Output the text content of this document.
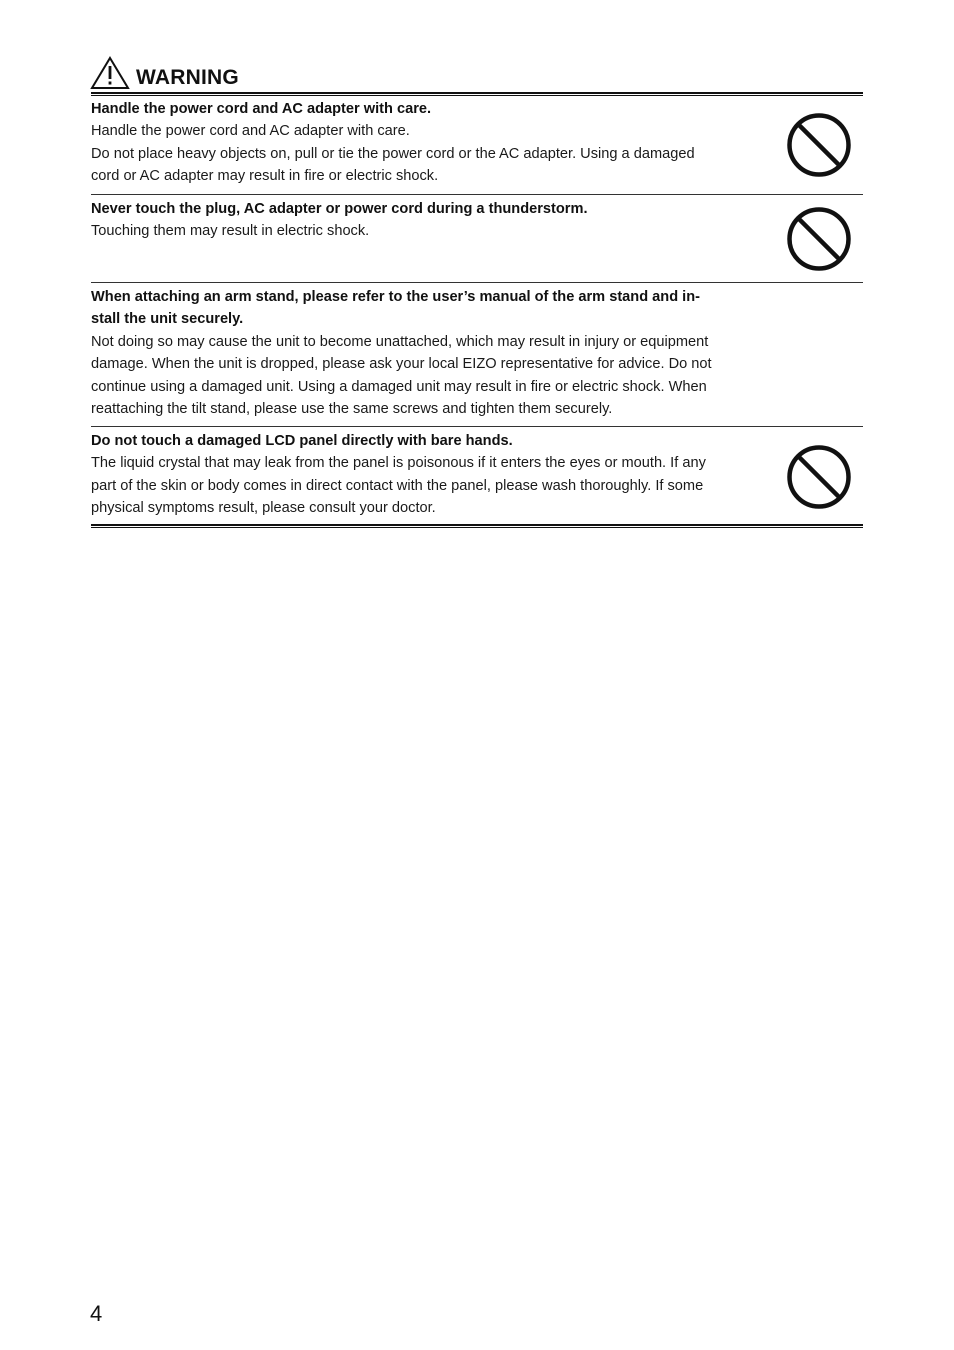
WARNING

Handle the power cord and AC adapter with care.

Handle the power cord and AC adapter with care.
Do not place heavy objects on, pull or tie the power cord or the AC adapter. Using a damaged
cord or AC adapter may result in fire or electric shock.

Never touch the plug, AC adapter or power cord during a thunderstorm.

Touching them may result in electric shock.

When attaching an arm stand, please refer to the user’s manual of the arm stand and in-
stall the unit securely.

Not doing so may cause the unit to become unattached, which may result in injury or equipment
damage. When the unit is dropped, please ask your local EIZO representative for advice. Do not
continue using a damaged unit. Using a damaged unit may result in fire or electric shock. When
reattaching the tilt stand, please use the same screws and tighten them securely.

Do not touch a damaged LCD panel directly with bare hands.

The liquid crystal that may leak from the panel is poisonous if it enters the eyes or mouth. If any
part of the skin or body comes in direct contact with the panel, please wash thoroughly. If some
physical symptoms result, please consult your doctor.

4
